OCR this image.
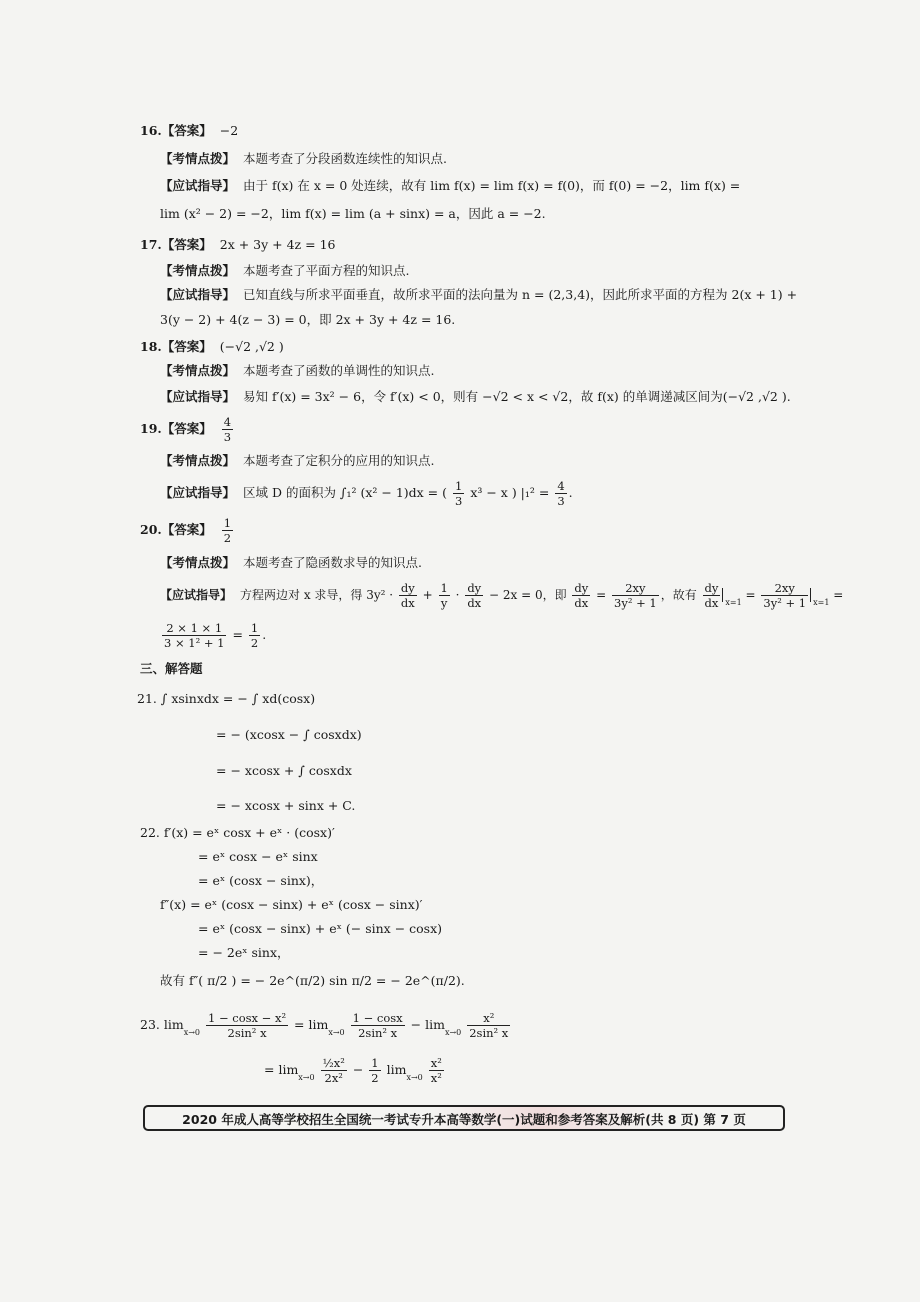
16.【答案】 −2
【考情点拨】 本题考查了分段函数连续性的知识点.
【应试指导】 由于 f(x) 在 x = 0 处连续，故有 lim f(x) = lim f(x) = f(0)，而 f(0) = −2，lim f(x) =
lim (x² − 2) = −2，lim f(x) = lim (a + sinx) = a，因此 a = −2.
17.【答案】 2x + 3y + 4z = 16
【考情点拨】 本题考查了平面方程的知识点.
【应试指导】 已知直线与所求平面垂直，故所求平面的法向量为 n = (2,3,4)，因此所求平面的方程为 2(x + 1) +
3(y − 2) + 4(z − 3) = 0，即 2x + 3y + 4z = 16.
18.【答案】 (−√2 ,√2 )
【考情点拨】 本题考查了函数的单调性的知识点.
【应试指导】 易知 f′(x) = 3x² − 6，令 f′(x) < 0，则有 −√2 < x < √2，故 f(x) 的单调递减区间为(−√2 ,√2 ).
19.【答案】 $\frac{4}{3}$
【考情点拨】 本题考查了定积分的应用的知识点.
【应试指导】 区域 D 的面积为 ∫₁² (x² − 1)dx = ( $\frac{1}{3} x^3 - x$ ) $|_1^2 = \frac{4}{3}$ .
20.【答案】 $\frac{1}{2}$
【考情点拨】 本题考查了隐函数求导的知识点.
【应试指导】 方程两边对 x 求导，得 $3y^2 \cdot \frac{dy}{dx} + \frac{1}{y} \cdot \frac{dy}{dx} - 2x = 0$，即 $\frac{dy}{dx} = \frac{2xy}{\text{3y² + 1}}$ ，故有 $\frac{dy}{dx} _{x=1} = \frac{2xy}{\text{3y² + 1}} _{x=1}$ =
$\frac{2 \times 1 \times 1}{\text{3 × 1² + 1}} = \frac{1}{2}$ .
三、解答题
21. ∫ xsinxdx = − ∫ xd(cosx)
= − (xcosx − ∫ cosxdx)
= − xcosx + ∫ cosxdx
= − xcosx + sinx + C.
22. f′(x) = eˣ cosx + eˣ · (cosx)′
= eˣ cosx − eˣ sinx
= eˣ (cosx − sinx)，
f″(x) = eˣ (cosx − sinx) + eˣ (cosx − sinx)′
= eˣ (cosx − sinx) + eˣ (− sinx − cosx)
= − 2eˣ sinx，
故有 f″( π/2 ) = − 2e^(π/2) sin π/2 = − 2e^(π/2).
23. $\lim_{x\to 0} \frac{\text{1 − cosx − x²}}{\text{2sin² x}} = \lim_{x\to 0} \frac{1 - \cos x}{\text{2sin² x}} - \lim_{x\to 0} \frac{\text{x²}}{\text{2sin² x}}$
= $\lim_{x\to 0} \frac{\text{½x²}}{\text{2x²}} - \frac{1}{2} \lim_{x\to 0} \frac{\text{x²}}{\text{x²}}$
2020 年成人高等学校招生全国统一考试专升本高等数学(一)试题和参考答案及解析(共 8 页) 第 7 页
